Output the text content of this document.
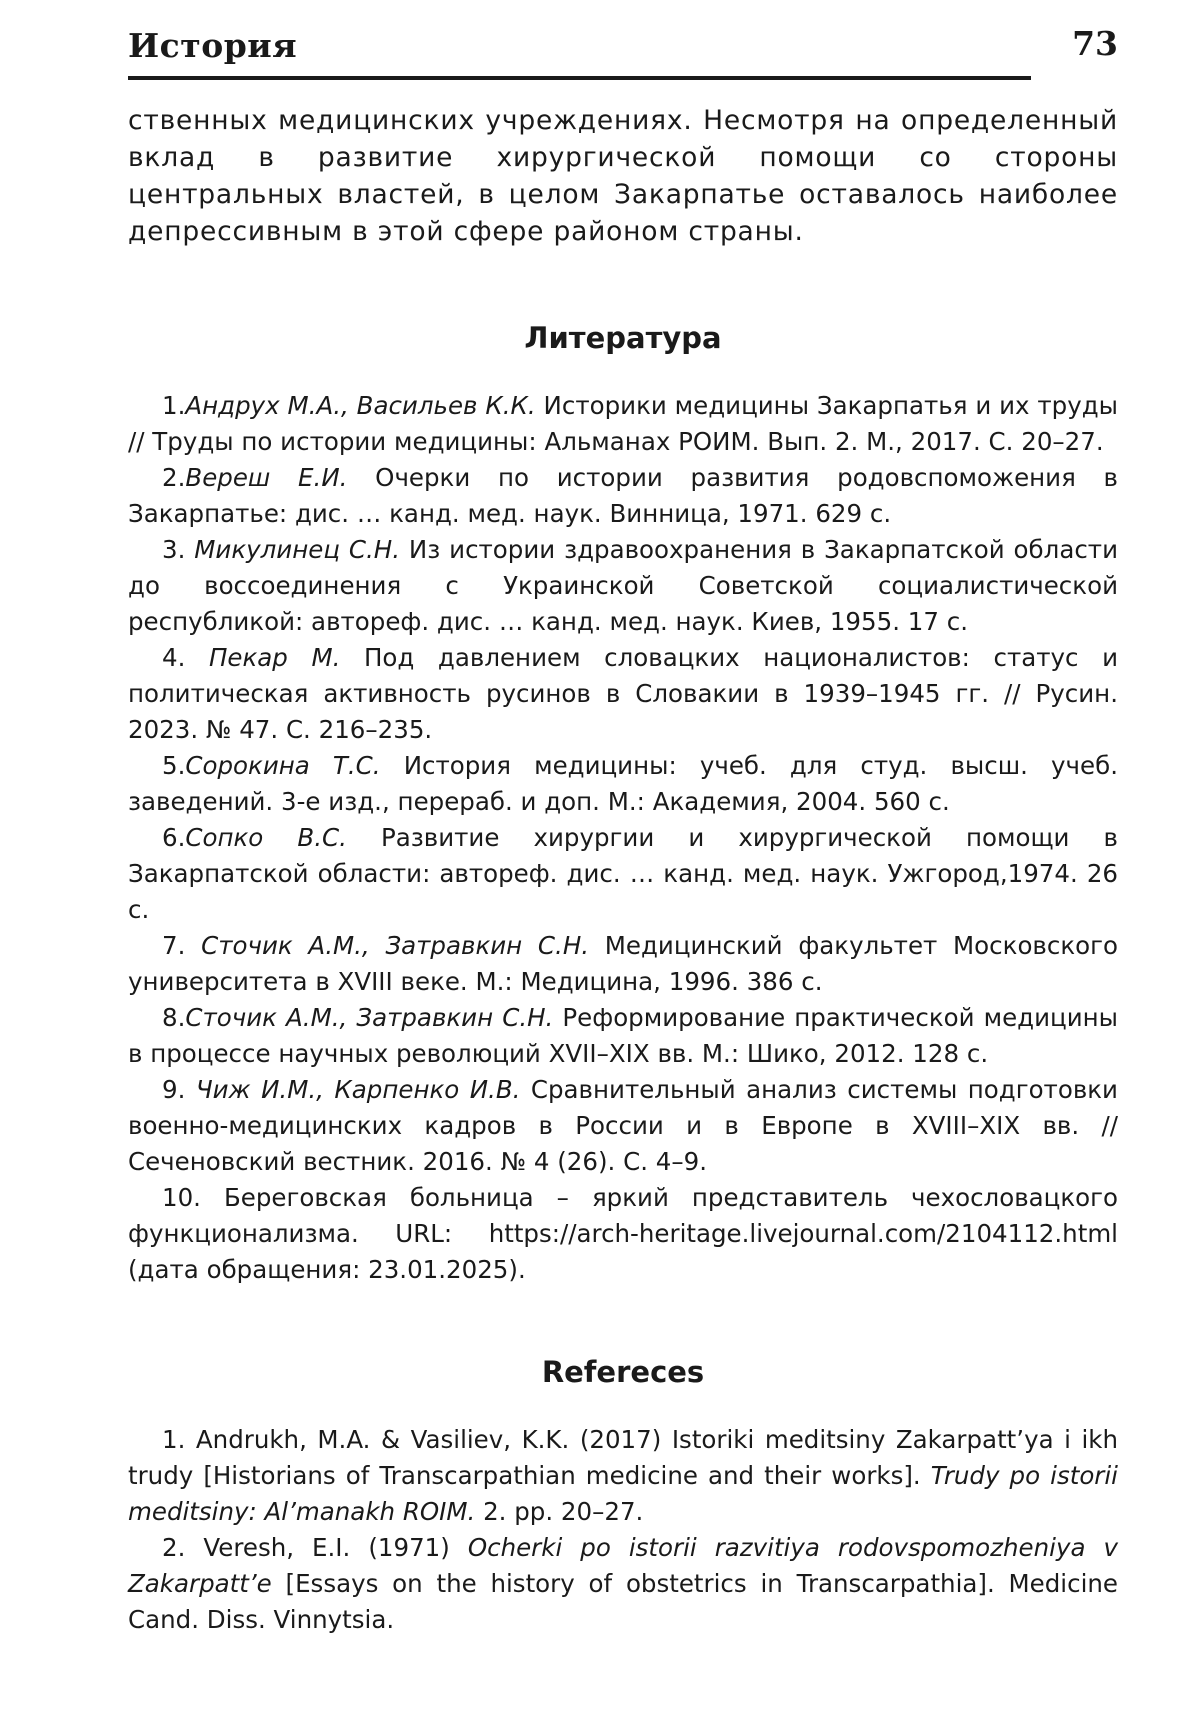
История	73

ственных медицинских учреждениях. Несмотря на определенный вклад в развитие хирургической помощи со стороны центральных властей, в целом Закарпатье оставалось наиболее депрессивным в этой сфере районом страны.

Литература

1.Андрух М.А., Васильев К.К. Историки медицины Закарпатья и их труды // Труды по истории медицины: Альманах РОИМ. Вып. 2. М., 2017. С. 20–27.

2.Вереш Е.И. Очерки по истории развития родовспоможения в Закарпатье: дис. … канд. мед. наук. Винница, 1971. 629 с.

3. Микулинец С.Н. Из истории здравоохранения в Закарпатской области до воссоединения с Украинской Советской социалистической республикой: автореф. дис. … канд. мед. наук. Киев, 1955. 17 с.

4. Пекар М. Под давлением словацких националистов: статус и политическая активность русинов в Словакии в 1939–1945 гг. // Русин. 2023. № 47. С. 216–235.

5.Сорокина Т.С. История медицины: учеб. для студ. высш. учеб. заведений. 3-е изд., перераб. и доп. М.: Академия, 2004. 560 с.

6.Сопко В.С. Развитие хирургии и хирургической помощи в Закарпатской области: автореф. дис. … канд. мед. наук. Ужгород,1974. 26 с.

7. Сточик А.М., Затравкин С.Н. Медицинский факультет Московского университета в XVIII веке. М.: Медицина, 1996. 386 с.

8.Сточик А.М., Затравкин С.Н. Реформирование практической медицины в процессе научных революций XVII–XIX вв. М.: Шико, 2012. 128 с.

9. Чиж И.М., Карпенко И.В. Сравнительный анализ системы подготовки военно-медицинских кадров в России и в Европе в XVIII–XIX вв. // Сеченовский вестник. 2016. № 4 (26). С. 4–9.

10. Береговская больница – яркий представитель чехословацкого функционализма. URL: https://arch-heritage.livejournal.com/2104112.html (дата обращения: 23.01.2025).

Refereces

1. Andrukh, M.A. & Vasiliev, K.K. (2017) Istoriki meditsiny Zakarpatt’ya i ikh trudy [Historians of Transcarpathian medicine and their works]. Trudy po istorii meditsiny: Al’manakh ROIM. 2. pp. 20–27.

2. Veresh, E.I. (1971) Ocherki po istorii razvitiya rodovspomozheniya v Zakarpatt’e [Essays on the history of obstetrics in Transcarpathia]. Medicine Cand. Diss. Vinnytsia.
